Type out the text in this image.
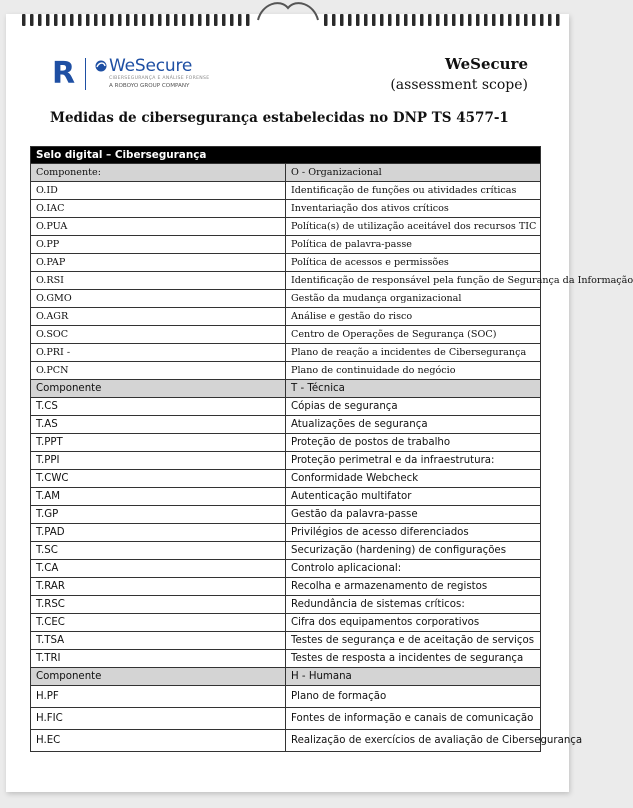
R WeSecure
CIBERSEGURANÇA E ANÁLISE FORENSE
A ROBOYO GROUP COMPANY
WeSecure
(assessment scope)
Medidas de cibersegurança estabelecidas no DNP TS 4577-1
Selo digital – Cibersegurança	
Componente:	O - Organizacional
O.ID	Identificação de funções ou atividades críticas
O.IAC	Inventariação dos ativos críticos
O.PUA	Política(s) de utilização aceitável dos recursos TIC
O.PP	Política de palavra-passe
O.PAP	Política de acessos e permissões
O.RSI	Identificação de responsável pela função de Segurança da Informação
O.GMO	Gestão da mudança organizacional
O.AGR	Análise e gestão do risco
O.SOC	Centro de Operações de Segurança (SOC)
O.PRI -	Plano de reação a incidentes de Cibersegurança
O.PCN	Plano de continuidade do negócio
Componente	T - Técnica
T.CS	Cópias de segurança
T.AS	Atualizações de segurança
T.PPT	Proteção de postos de trabalho
T.PPI	Proteção perimetral e da infraestrutura:
T.CWC	Conformidade Webcheck
T.AM	Autenticação multifator
T.GP	Gestão da palavra-passe
T.PAD	Privilégios de acesso diferenciados
T.SC	Securização (hardening) de configurações
T.CA	Controlo aplicacional:
T.RAR	Recolha e armazenamento de registos
T.RSC	Redundância de sistemas críticos:
T.CEC	Cifra dos equipamentos corporativos
T.TSA	Testes de segurança e de aceitação de serviços
T.TRI	Testes de resposta a incidentes de segurança
Componente	H - Humana
H.PF	Plano de formação
H.FIC	Fontes de informação e canais de comunicação
H.EC	Realização de exercícios de avaliação de Cibersegurança
